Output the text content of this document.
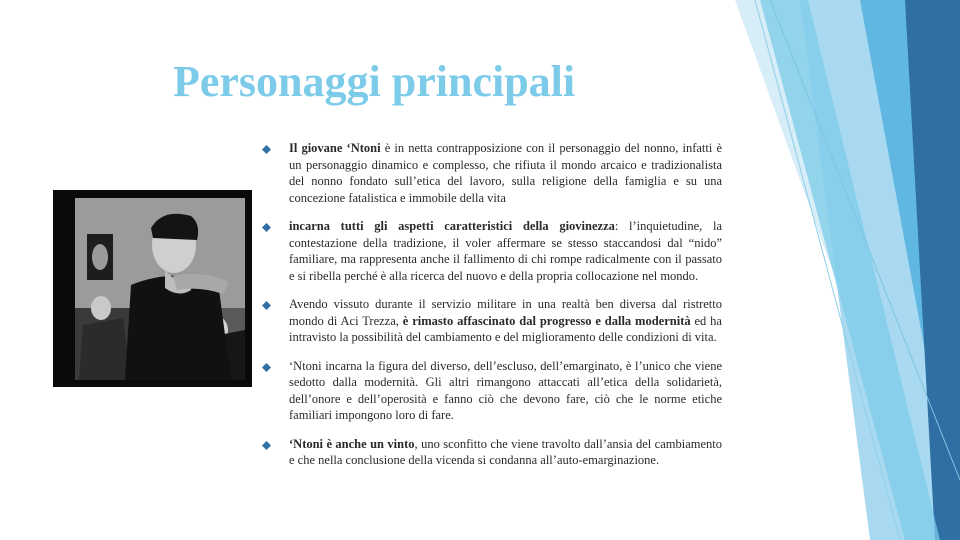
Personaggi principali
Il giovane ‘Ntoni è in netta contrapposizione con il personaggio del nonno, infatti è un personaggio dinamico e complesso, che rifiuta il mondo arcaico e tradizionalista del nonno fondato sull’etica del lavoro, sulla religione della famiglia e su una concezione fatalistica e immobile della vita
incarna tutti gli aspetti caratteristici della giovinezza: l’inquietudine, la contestazione della tradizione, il voler affermare se stesso staccandosi dal “nido” familiare, ma rappresenta anche il fallimento di chi rompe radicalmente con il passato e si ribella perché è alla ricerca del nuovo e della propria collocazione nel mondo.
Avendo vissuto durante il servizio militare in una realtà ben diversa dal ristretto mondo di Aci Trezza, è rimasto affascinato dal progresso e dalla modernità ed ha intravisto la possibilità del cambiamento e del miglioramento delle condizioni di vita.
‘Ntoni incarna la figura del diverso, dell’escluso, dell’emarginato, è l’unico che viene sedotto dalla modernità. Gli altri rimangono attaccati all’etica della solidarietà, dell’onore e dell’operosità e fanno ciò che devono fare, ciò che le norme etiche familiari impongono loro di fare.
‘Ntoni è anche un vinto, uno sconfitto che viene travolto dall’ansia del cambiamento e che nella conclusione della vicenda si condanna all’auto-emarginazione.
